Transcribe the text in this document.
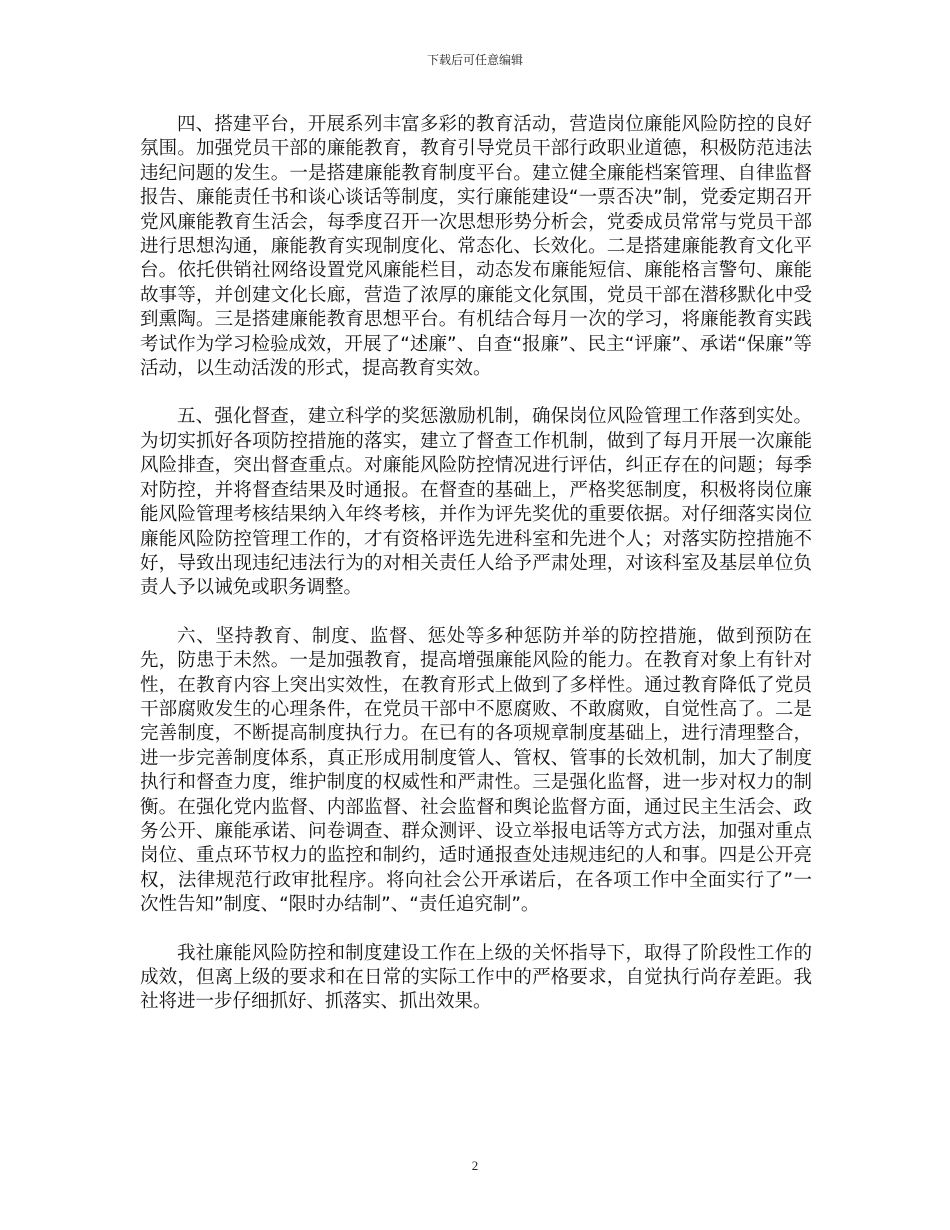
下载后可任意编辑

四、搭建平台，开展系列丰富多彩的教育活动，营造岗位廉能风险防控的良好氛围。加强党员干部的廉能教育，教育引导党员干部行政职业道德，积极防范违法违纪问题的发生。一是搭建廉能教育制度平台。建立健全廉能档案管理、自律监督报告、廉能责任书和谈心谈话等制度，实行廉能建设“一票否决”制，党委定期召开党风廉能教育生活会，每季度召开一次思想形势分析会，党委成员常常与党员干部进行思想沟通，廉能教育实现制度化、常态化、长效化。二是搭建廉能教育文化平台。依托供销社网络设置党风廉能栏目，动态发布廉能短信、廉能格言警句、廉能故事等，并创建文化长廊，营造了浓厚的廉能文化氛围，党员干部在潜移默化中受到熏陶。三是搭建廉能教育思想平台。有机结合每月一次的学习，将廉能教育实践考试作为学习检验成效，开展了“述廉”、自查“报廉”、民主“评廉”、承诺“保廉”等活动，以生动活泼的形式，提高教育实效。

五、强化督查，建立科学的奖惩激励机制，确保岗位风险管理工作落到实处。为切实抓好各项防控措施的落实，建立了督查工作机制，做到了每月开展一次廉能风险排查，突出督查重点。对廉能风险防控情况进行评估，纠正存在的问题；每季对防控，并将督查结果及时通报。在督查的基础上，严格奖惩制度，积极将岗位廉能风险管理考核结果纳入年终考核，并作为评先奖优的重要依据。对仔细落实岗位廉能风险防控管理工作的，才有资格评选先进科室和先进个人；对落实防控措施不好，导致出现违纪违法行为的对相关责任人给予严肃处理，对该科室及基层单位负责人予以诫免或职务调整。

六、坚持教育、制度、监督、惩处等多种惩防并举的防控措施，做到预防在先，防患于未然。一是加强教育，提高增强廉能风险的能力。在教育对象上有针对性，在教育内容上突出实效性，在教育形式上做到了多样性。通过教育降低了党员干部腐败发生的心理条件，在党员干部中不愿腐败、不敢腐败，自觉性高了。二是完善制度，不断提高制度执行力。在已有的各项规章制度基础上，进行清理整合，进一步完善制度体系，真正形成用制度管人、管权、管事的长效机制，加大了制度执行和督查力度，维护制度的权威性和严肃性。三是强化监督，进一步对权力的制衡。在强化党内监督、内部监督、社会监督和舆论监督方面，通过民主生活会、政务公开、廉能承诺、问卷调查、群众测评、设立举报电话等方式方法，加强对重点岗位、重点环节权力的监控和制约，适时通报查处违规违纪的人和事。四是公开亮权，法律规范行政审批程序。将向社会公开承诺后，在各项工作中全面实行了”一次性告知”制度、“限时办结制”、“责任追究制”。

我社廉能风险防控和制度建设工作在上级的关怀指导下，取得了阶段性工作的成效，但离上级的要求和在日常的实际工作中的严格要求，自觉执行尚存差距。我社将进一步仔细抓好、抓落实、抓出效果。

2
